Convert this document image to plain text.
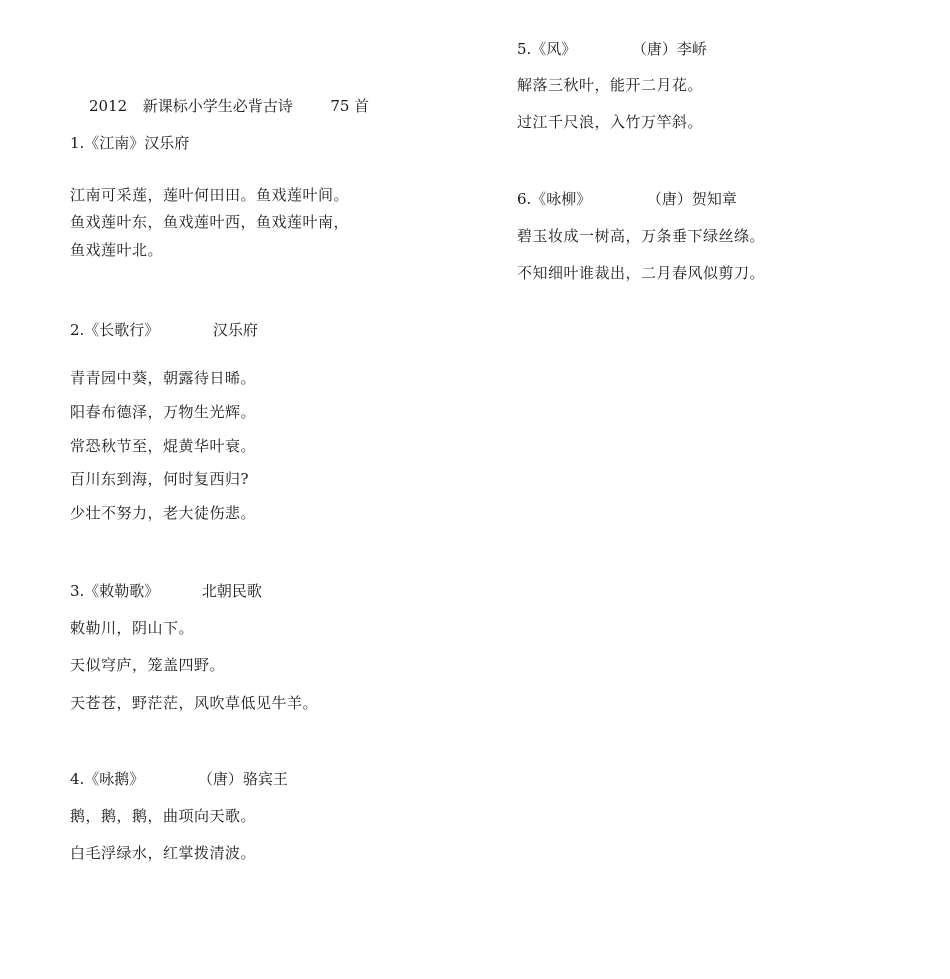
2012 新课标小学生必背古诗	75 首
1.《江南》汉乐府
江南可采莲，莲叶何田田。鱼戏莲叶间。
鱼戏莲叶东，鱼戏莲叶西，鱼戏莲叶南，
鱼戏莲叶北。
2.《长歌行》	汉乐府
青青园中葵，朝露待日晞。
阳春布德泽，万物生光辉。
常恐秋节至，焜黄华叶衰。
百川东到海，何时复西归?
少壮不努力，老大徒伤悲。
3.《敕勒歌》	北朝民歌
敕勒川，阴山下。
天似穹庐，笼盖四野。
天苍苍，野茫茫，风吹草低见牛羊。
4.《咏鹅》	（唐）骆宾王
鹅，鹅，鹅，曲项向天歌。
白毛浮绿水，红掌拨清波。
5.《风》	（唐）李峤
解落三秋叶，能开二月花。
过江千尺浪，入竹万竿斜。
6.《咏柳》	（唐）贺知章
碧玉妆成一树高，万条垂下绿丝绦。
不知细叶谁裁出，二月春风似剪刀。
